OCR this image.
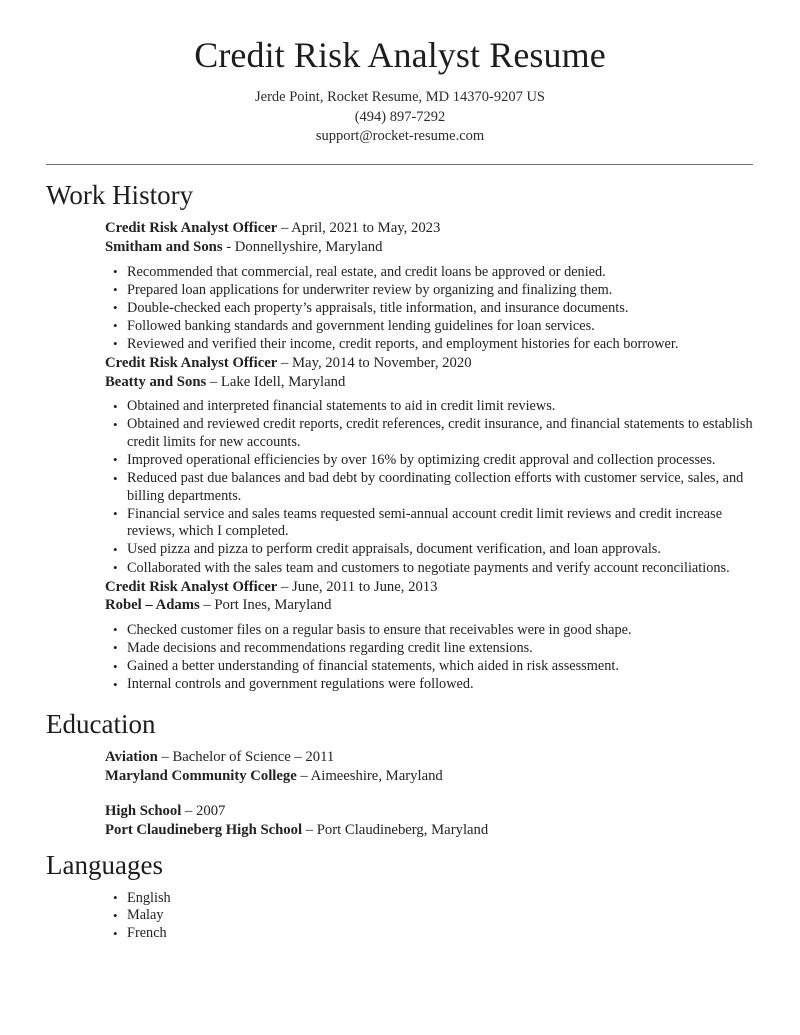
Credit Risk Analyst Resume

Jerde Point, Rocket Resume, MD 14370-9207 US

(494) 897-7292

support@rocket-resume.com

Work History

Credit Risk Analyst Officer – April, 2021 to May, 2023

Smitham and Sons - Donnellyshire, Maryland

• Recommended that commercial, real estate, and credit loans be approved or denied.
• Prepared loan applications for underwriter review by organizing and finalizing them.
• Double-checked each property’s appraisals, title information, and insurance documents.
• Followed banking standards and government lending guidelines for loan services.
• Reviewed and verified their income, credit reports, and employment histories for each borrower.

Credit Risk Analyst Officer – May, 2014 to November, 2020

Beatty and Sons – Lake Idell, Maryland

• Obtained and interpreted financial statements to aid in credit limit reviews.
• Obtained and reviewed credit reports, credit references, credit insurance, and financial statements to establish credit limits for new accounts.
• Improved operational efficiencies by over 16% by optimizing credit approval and collection processes.
• Reduced past due balances and bad debt by coordinating collection efforts with customer service, sales, and billing departments.
• Financial service and sales teams requested semi-annual account credit limit reviews and credit increase reviews, which I completed.
• Used pizza and pizza to perform credit appraisals, document verification, and loan approvals.
• Collaborated with the sales team and customers to negotiate payments and verify account reconciliations.

Credit Risk Analyst Officer – June, 2011 to June, 2013

Robel – Adams – Port Ines, Maryland

• Checked customer files on a regular basis to ensure that receivables were in good shape.
• Made decisions and recommendations regarding credit line extensions.
• Gained a better understanding of financial statements, which aided in risk assessment.
• Internal controls and government regulations were followed.
Education

Aviation – Bachelor of Science – 2011

Maryland Community College – Aimeeshire, Maryland

High School – 2007

Port Claudineberg High School – Port Claudineberg, Maryland

Languages
• English
• Malay
• French
